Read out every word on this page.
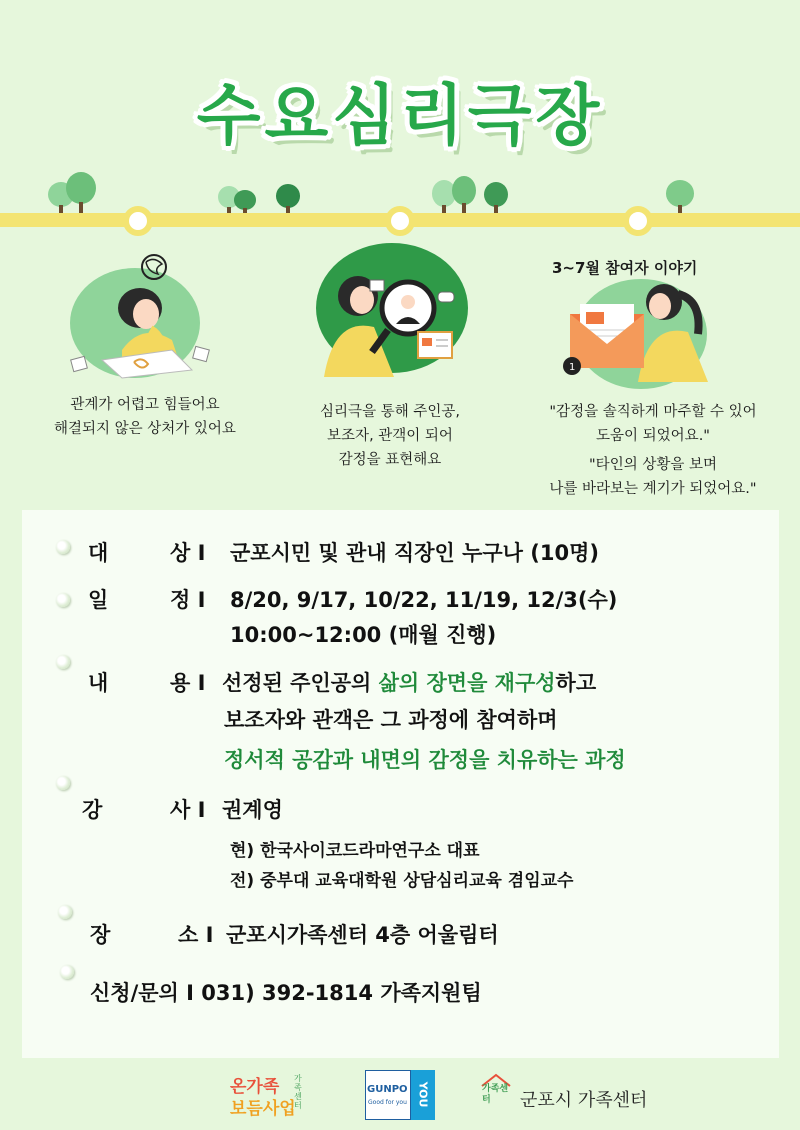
수요심리극장
관계가 어렵고 힘들어요
해결되지 않은 상처가 있어요
심리극을 통해 주인공,
보조자, 관객이 되어
감정을 표현해요
3~7월 참여자 이야기
1
"감정을 솔직하게 마주할 수 있어
도움이 되었어요."
"타인의 상황을 보며
나를 바라보는 계기가 되었어요."
대	상 I 군포시민 및 관내 직장인 누구나 (10명)
일	정 I 8/20, 9/17, 10/22, 11/19, 12/3(수)
10:00~12:00 (매월 진행)
내	용 I 선정된 주인공의 삶의 장면을 재구성하고
보조자와 관객은 그 과정에 참여하며
정서적 공감과 내면의 감정을 치유하는 과정
강	사 I 권계영
현) 한국사이코드라마연구소 대표
전) 중부대 교육대학원 상담심리교육 겸임교수
장	소 I 군포시가족센터 4층 어울림터
신청/문의 I 031) 392-1814 가족지원팀
온가족
보듬사업
가족센터
GUNPO
Good for you YOU	가족센터	군포시 가족센터
